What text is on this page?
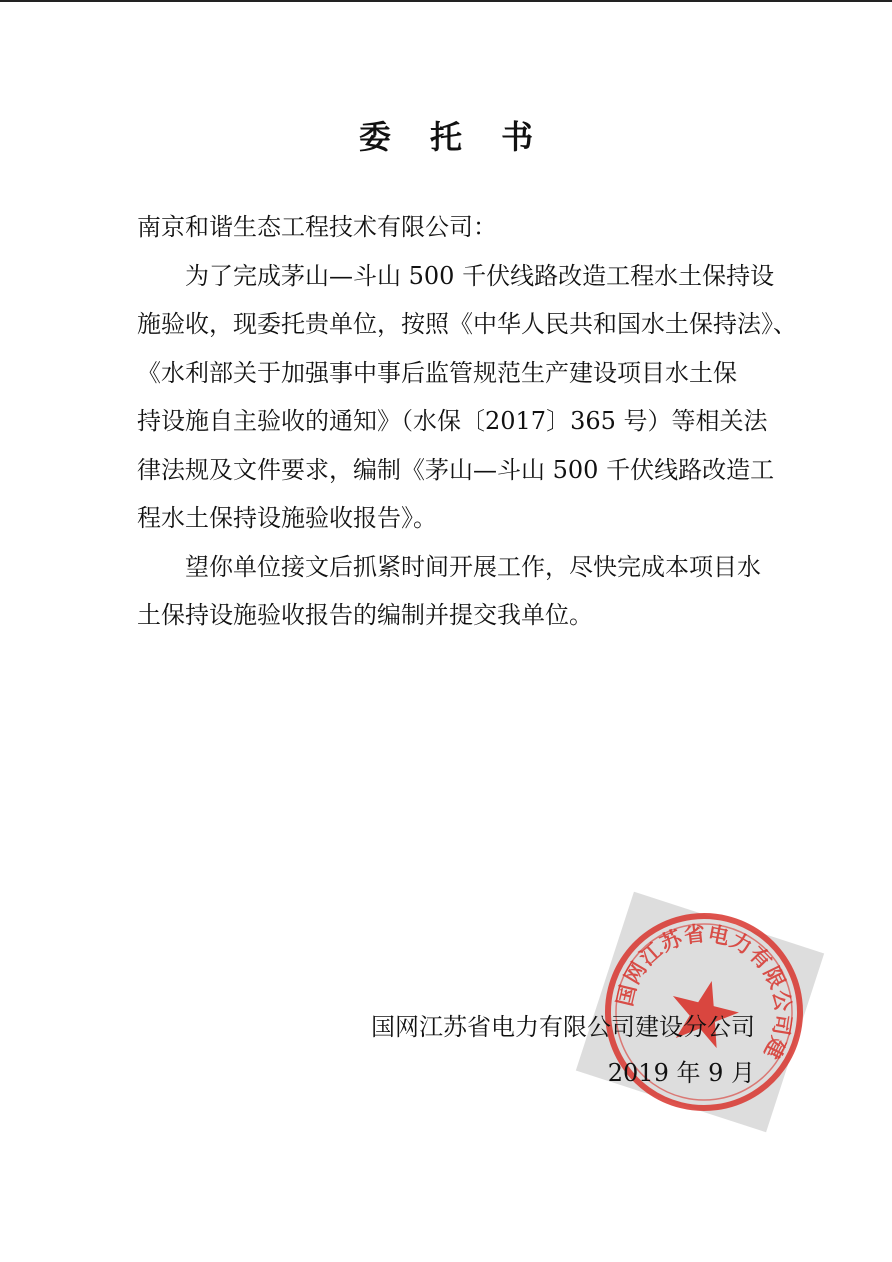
委 托 书
南京和谐生态工程技术有限公司：
为了完成茅山—斗山 500 千伏线路改造工程水土保持设
施验收，现委托贵单位，按照《中华人民共和国水土保持法》、
《水利部关于加强事中事后监管规范生产建设项目水土保
持设施自主验收的通知》（水保〔2017〕365 号）等相关法
律法规及文件要求，编制《茅山—斗山 500 千伏线路改造工
程水土保持设施验收报告》。
望你单位接文后抓紧时间开展工作，尽快完成本项目水
土保持设施验收报告的编制并提交我单位。
国网江苏省电力有限公司建设分公司
国网江苏省电力有限公司建设分公司
2019 年 9 月
